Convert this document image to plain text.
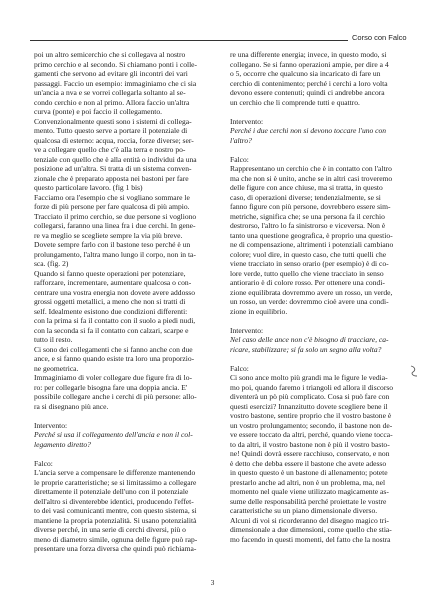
Corso con Falco

poi un altro semicerchio che si collegava al nostro

primo cerchio e al secondo. Si chiamano ponti i colle-

gamenti che servono ad evitare gli incontri dei vari

passaggi. Faccio un esempio: immaginiamo che ci sia

un'ancia a nva e se vorrei collegarla soltanto al se-

condo cerchio e non al primo. Allora faccio un'altra

curva (ponte) e poi faccio il collegamento.

Convenzionalmente questi sono i sistemi di collega-

mento. Tutto questo serve a portare il potenziale di

qualcosa di esterno: acqua, roccia, forze diverse; ser-

ve a collegare quello che c'è alla terra e nostro po-

tenziale con quello che è alla entità o individui da una

posizione ad un'altra. Si tratta di un sistema conven-

zionale che è preparato apposta nei bastoni per fare

questo particolare lavoro. (fig 1 bis)

Facciamo ora l'esempio che si vogliano sommare le

forze di più persone per fare qualcosa di più ampio.

Tracciato il primo cerchio, se due persone si vogliono

collegarsi, faranno una linea fra i due cerchi. In gene-

re va meglio se scegliete sempre la via più breve.

Dovete sempre farlo con il bastone teso perché è un

prolungamento, l'altra mano lungo il corpo, non in ta-

sca. (fig. 2)

Quando si fanno queste operazioni per potenziare,

rafforzare, incrementare, aumentare qualcosa o con-

centrare una vostra energia non dovete avere addosso

grossi oggetti metallici, a meno che non si tratti di

self. Idealmente esistono due condizioni differenti:

con la prima si fa il contatto con il suolo a piedi nudi,

con la seconda si fa il contatto con calzari, scarpe e

tutto il resto.

Ci sono dei collegamenti che si fanno anche con due

ance, e si fanno quando esiste tra loro una proporzio-

ne geometrica.

Immaginiamo di voler collegare due figure fra di lo-

ro: per collegarle bisogna fare una doppia ancia. E'

possibile collegare anche i cerchi di più persone: allo-

ra si disegnano più ance.

Intervento:

Perché si usa il collegamento dell'ancia e non il col-

legamento diretto?

Falco:

L'ancia serve a compensare le differenze mantenendo

le proprie caratteristiche; se si limitassimo a collegare

direttamente il potenziale dell'uno con il potenziale

dell'altro si diventerebbe identici, producendo l'effet-

to dei vasi comunicanti mentre, con questo sistema, si

mantiene la propria potenzialità. Si usano potenzialità

diverse perché, in una serie di cerchi diversi, più o

meno di diametro simile, ognuna delle figure può rap-

presentare una forza diversa che quindi può richiama-

re una differente energia; invece, in questo modo, si

collegano. Se si fanno operazioni ampie, per dire a 4

o 5, occorre che qualcuno sia incaricato di fare un

cerchio di contenimento; perché i cerchi a loro volta

devono essere contenuti; quindi ci andrebbe ancora

un cerchio che li comprende tutti e quattro.

Intervento:

Perché i due cerchi non si devono toccare l'uno con

l'altro?

Falco:

Rappresentano un cerchio che è in contatto con l'altro

ma che non si è unito, anche se in altri casi troveremo

delle figure con ance chiuse, ma si tratta, in questo

caso, di operazioni diverse; tendenzialmente, se si

fanno figure con più persone, dovrebbero essere sim-

metriche, significa che; se una persona fa il cerchio

destrorso, l'altro lo fa sinistrorso e viceversa. Non è

tanto una questione geografica, è proprio una questio-

ne di compensazione, altrimenti i potenziali cambiano

colore; vuol dire, in questo caso, che tutti quelli che

viene tracciato in senso orario (per esempio) è di co-

lore verde, tutto quello che viene tracciato in senso

antiorario è di colore rosso. Per ottenere una condi-

zione equilibrata dovremmo avere un rosso, un verde,

un rosso, un verde: dovremmo cioè avere una condi-

zione in equilibrio.

Intervento:

Nel caso delle ance non c'è bisogno di tracciare, ca-

ricare, stabilizzare; si fa solo un segno alla volta?

Falco:

Ci sono ance molto più grandi ma le figure le vedia-

mo poi, quando faremo i triangoli ed allora il discorso

diventerà un pò più complicato. Cosa si può fare con

questi esercizi? Innanzitutto dovete scegliere bene il

vostro bastone, sentire proprio che il vostro bastone è

un vostro prolungamento; secondo, il bastone non de-

ve essere toccato da altri, perché, quando viene tocca-

to da altri, il vostro bastone non è più il vostro basto-

ne! Quindi dovrà essere racchiuso, conservato, e non

è detto che debba essere il bastone che avete adesso

in questo questo è un bastone di allenamento; potete

prestarlo anche ad altri, non è un problema, ma, nel

momento nel quale viene utilizzato magicamente as-

sume delle responsabilità perché proiettate le vostre

caratteristiche su un piano dimensionale diverso.

Alcuni di voi si ricorderanno del disegno magico tri-

dimensionale a due dimensioni, come quello che stia-

mo facendo in questi momenti, del fatto che la nostra

3
